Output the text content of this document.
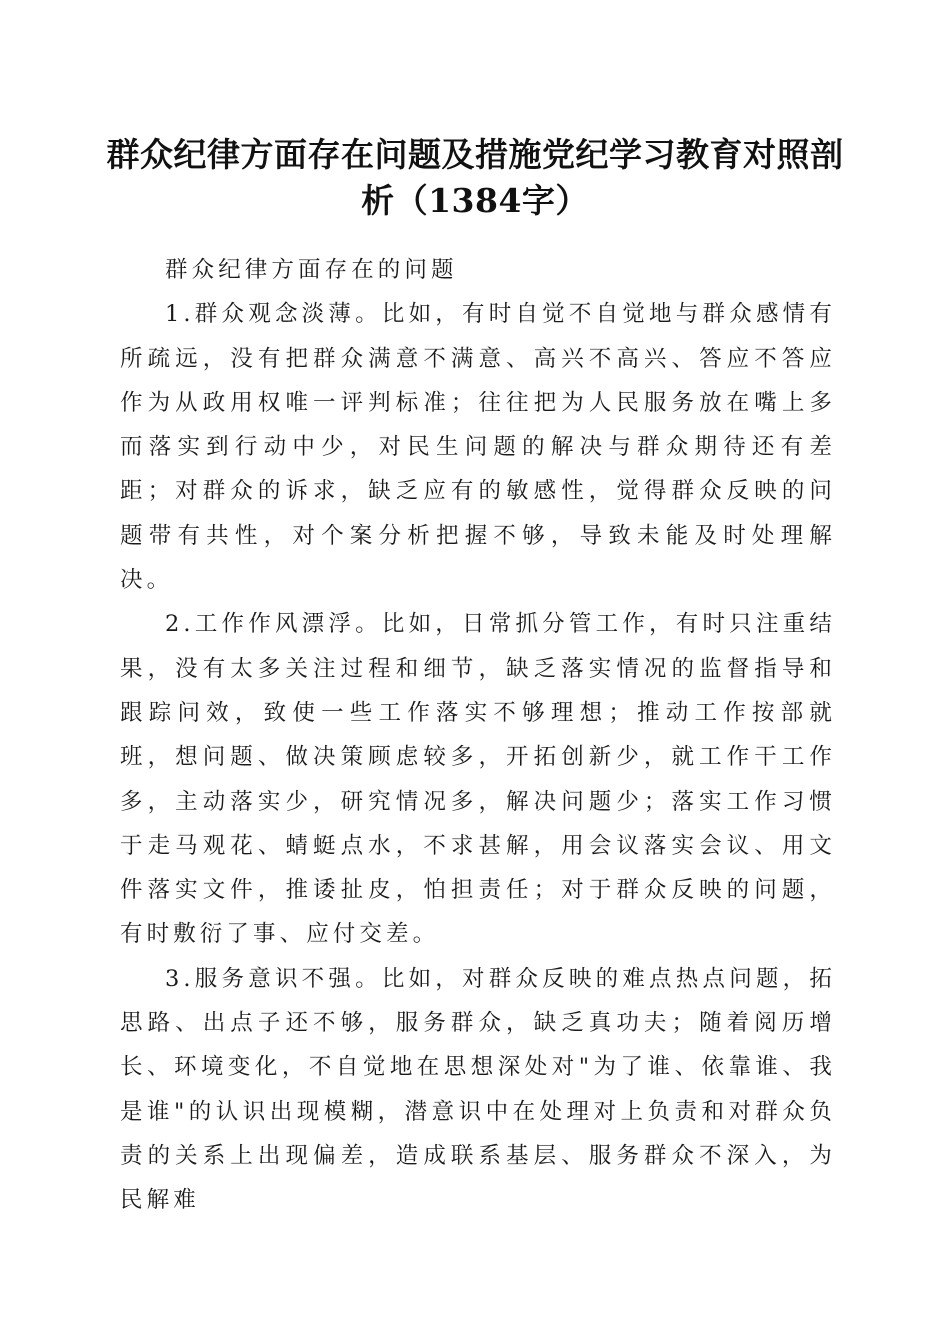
群众纪律方面存在问题及措施党纪学习教育对照剖析（1384字）

群众纪律方面存在的问题

1.群众观念淡薄。比如，有时自觉不自觉地与群众感情有所疏远，没有把群众满意不满意、高兴不高兴、答应不答应作为从政用权唯一评判标准；往往把为人民服务放在嘴上多而落实到行动中少，对民生问题的解决与群众期待还有差距；对群众的诉求，缺乏应有的敏感性，觉得群众反映的问题带有共性，对个案分析把握不够，导致未能及时处理解决。

2.工作作风漂浮。比如，日常抓分管工作，有时只注重结果，没有太多关注过程和细节，缺乏落实情况的监督指导和跟踪问效，致使一些工作落实不够理想；推动工作按部就班，想问题、做决策顾虑较多，开拓创新少，就工作干工作多，主动落实少，研究情况多，解决问题少；落实工作习惯于走马观花、蜻蜓点水，不求甚解，用会议落实会议、用文件落实文件，推诿扯皮，怕担责任；对于群众反映的问题，有时敷衍了事、应付交差。

3.服务意识不强。比如，对群众反映的难点热点问题，拓思路、出点子还不够，服务群众，缺乏真功夫；随着阅历增长、环境变化，不自觉地在思想深处对"为了谁、依靠谁、我是谁"的认识出现模糊，潜意识中在处理对上负责和对群众负责的关系上出现偏差，造成联系基层、服务群众不深入，为民解难
